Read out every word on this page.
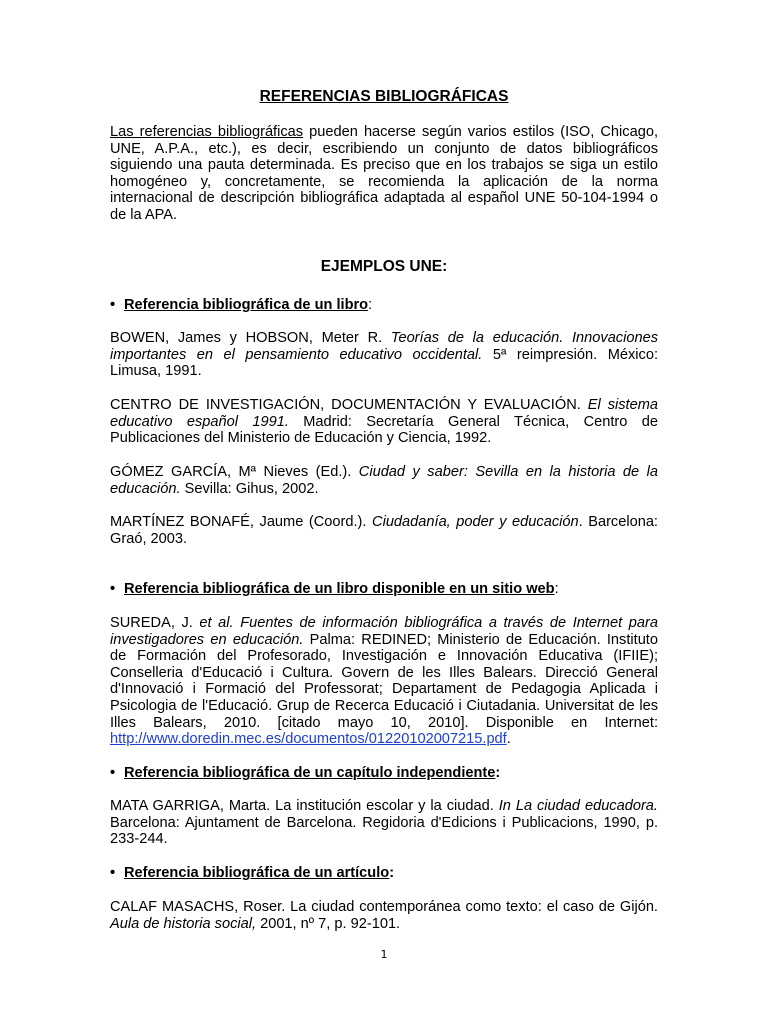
REFERENCIAS BIBLIOGRÁFICAS

Las referencias bibliográficas pueden hacerse según varios estilos (ISO, Chicago, UNE, A.P.A., etc.), es decir, escribiendo un conjunto de datos bibliográficos siguiendo una pauta determinada. Es preciso que en los trabajos se siga un estilo homogéneo y, concretamente, se recomienda la aplicación de la norma internacional de descripción bibliográfica adaptada al español UNE 50-104-1994 o de la APA.

EJEMPLOS UNE:

• Referencia bibliográfica de un libro:

BOWEN, James y HOBSON, Meter R. Teorías de la educación. Innovaciones importantes en el pensamiento educativo occidental. 5ª reimpresión. México: Limusa, 1991.

CENTRO DE INVESTIGACIÓN, DOCUMENTACIÓN Y EVALUACIÓN. El sistema educativo español 1991. Madrid: Secretaría General Técnica, Centro de Publicaciones del Ministerio de Educación y Ciencia, 1992.

GÓMEZ GARCÍA, Mª Nieves (Ed.). Ciudad y saber: Sevilla en la historia de la educación. Sevilla: Gihus, 2002.

MARTÍNEZ BONAFÉ, Jaume (Coord.). Ciudadanía, poder y educación. Barcelona: Graó, 2003.

• Referencia bibliográfica de un libro disponible en un sitio web:

SUREDA, J. et al. Fuentes de información bibliográfica a través de Internet para investigadores en educación. Palma: REDINED; Ministerio de Educación. Instituto de Formación del Profesorado, Investigación e Innovación Educativa (IFIIE); Conselleria d'Educació i Cultura. Govern de les Illes Balears. Direcció General d'Innovació i Formació del Professorat; Departament de Pedagogia Aplicada i Psicologia de l'Educació. Grup de Recerca Educació i Ciutadania. Universitat de les Illes Balears, 2010. [citado mayo 10, 2010]. Disponible en Internet: http://www.doredin.mec.es/documentos/01220102007215.pdf.

• Referencia bibliográfica de un capítulo independiente:

MATA GARRIGA, Marta. La institución escolar y la ciudad. In La ciudad educadora. Barcelona: Ajuntament de Barcelona. Regidoria d'Edicions i Publicacions, 1990, p. 233-244.

• Referencia bibliográfica de un artículo:

CALAF MASACHS, Roser. La ciudad contemporánea como texto: el caso de Gijón. Aula de historia social, 2001, nº 7, p. 92-101.

1
